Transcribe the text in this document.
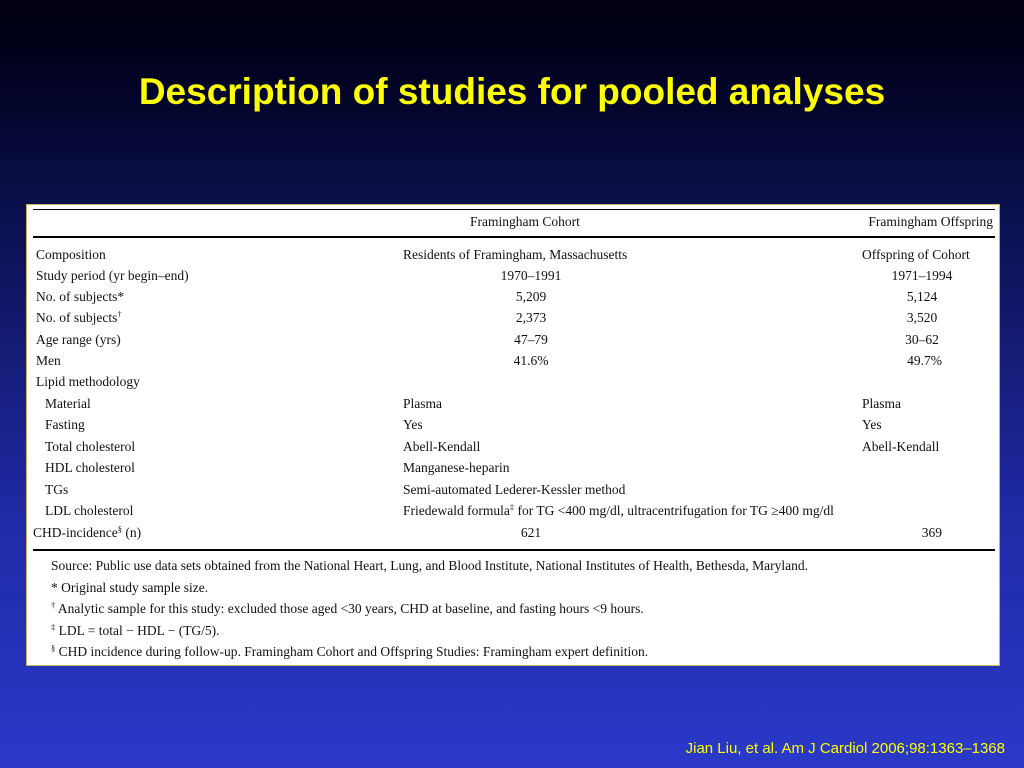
Description of studies for pooled analyses
Framingham Cohort	Framingham Offspring
Composition	Residents of Framingham, Massachusetts	Offspring of Cohort
Study period (yr begin–end)	1970–1991	1971–1994
No. of subjects*	5,209	5,124
No. of subjects†	2,373	3,520
Age range (yrs)	47–79	30–62
Men	41.6%	49.7%
Lipid methodology
Material	Plasma	Plasma
Fasting	Yes	Yes
Total cholesterol	Abell-Kendall	Abell-Kendall
HDL cholesterol	Manganese-heparin
TGs	Semi-automated Lederer-Kessler method
LDL cholesterol	Friedewald formula‡ for TG <400 mg/dl, ultracentrifugation for TG ≥400 mg/dl
CHD-incidence§ (n)	621	369
Source: Public use data sets obtained from the National Heart, Lung, and Blood Institute, National Institutes of Health, Bethesda, Maryland.
* Original study sample size.
† Analytic sample for this study: excluded those aged <30 years, CHD at baseline, and fasting hours <9 hours.
‡ LDL = total − HDL − (TG/5).
§ CHD incidence during follow-up. Framingham Cohort and Offspring Studies: Framingham expert definition.
Jian Liu, et al. Am J Cardiol 2006;98:1363–1368
